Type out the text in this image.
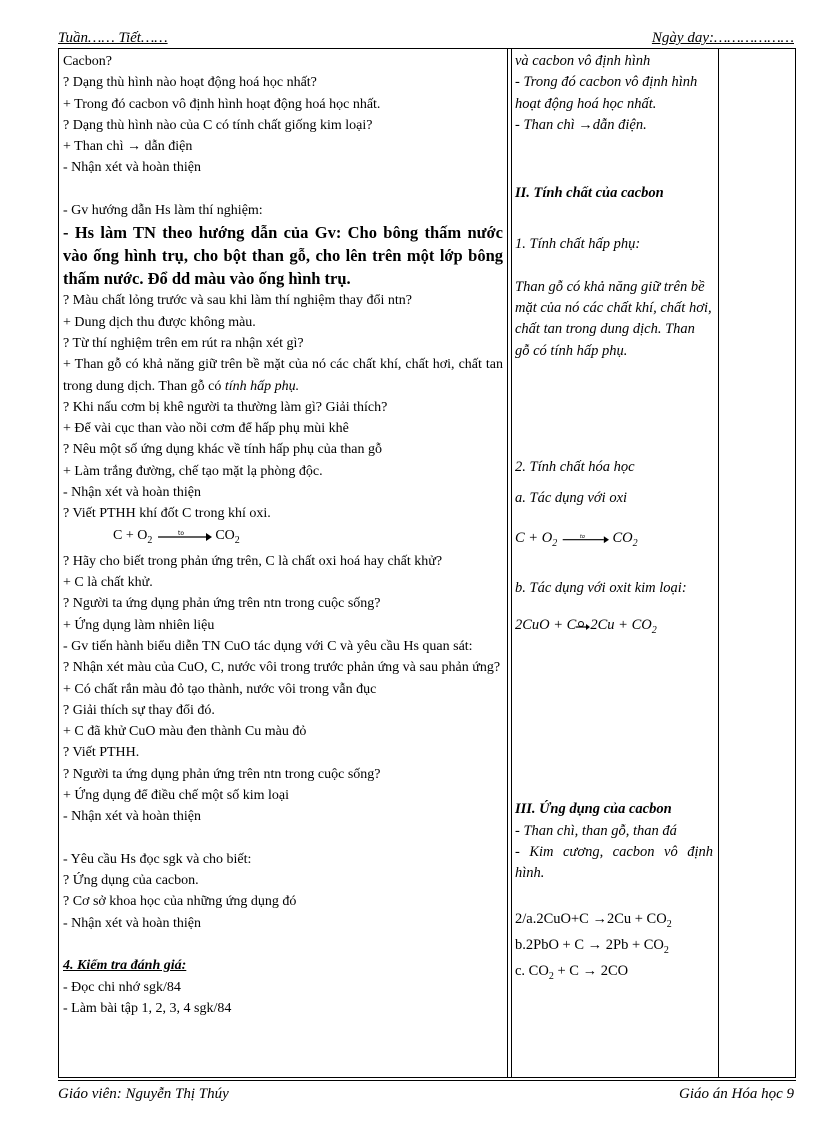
Tuần…… Tiết……	Ngày day:………………
Cacbon?
? Dạng thù hình nào hoạt động hoá học nhất?
+ Trong đó cacbon vô định hình hoạt động hoá học nhất.
? Dạng thù hình nào của C có tính chất giống kim loại?
+ Than chì → dẫn điện
- Nhận xét và hoàn thiện
- Gv hướng dẫn Hs làm thí nghiệm:
- Hs làm TN theo hướng dẫn của Gv: Cho bông thấm nước vào ống hình trụ, cho bột than gỗ, cho lên trên một lớp bông thấm nước. Đổ dd màu vào ống hình trụ.
? Màu chất lỏng trước và sau khi làm thí nghiệm thay đổi ntn?
+ Dung dịch thu được không màu.
? Từ thí nghiệm trên em rút ra nhận xét gì?
+ Than gỗ có khả năng giữ trên bề mặt của nó các chất khí, chất hơi, chất tan trong dung dịch. Than gỗ có tính hấp phụ.
? Khi nấu cơm bị khê người ta thường làm gì? Giải thích?
+ Để vài cục than vào nồi cơm để hấp phụ mùi khê
? Nêu một số ứng dụng khác về tính hấp phụ của than gỗ
+ Làm trắng đường, chế tạo mặt lạ phòng độc.
- Nhận xét và hoàn thiện
? Viết PTHH khí đốt C trong khí oxi.
$C + O_2$
to $CO_2$
? Hãy cho biết trong phản ứng trên, C là chất oxi hoá hay chất khử?
+ C là chất khử.
? Người ta ứng dụng phản ứng trên ntn trong cuộc sống?
+ Ứng dụng làm nhiên liệu
- Gv tiến hành biểu diễn TN CuO tác dụng với C và yêu cầu Hs quan sát:
? Nhận xét màu của CuO, C, nước vôi trong trước phản ứng và sau phản ứng?
+ Có chất rắn màu đỏ tạo thành, nước vôi trong vẫn đục
? Giải thích sự thay đổi đó.
+ C đã khử CuO màu đen thành Cu màu đỏ
? Viết PTHH.
? Người ta ứng dụng phản ứng trên ntn trong cuộc sống?
+ Ứng dụng để điều chế một số kim loại
- Nhận xét và hoàn thiện
- Yêu cầu Hs đọc sgk và cho biết:
? Ứng dụng của cacbon.
? Cơ sở khoa học của những ứng dụng đó
- Nhận xét và hoàn thiện
4. Kiểm tra đánh giá:
- Đọc chi nhớ sgk/84
- Làm bài tập 1, 2, 3, 4 sgk/84
và cacbon vô định hình
- Trong đó cacbon vô định hình hoạt động hoá học nhất.
- Than chì →dẫn điện.
II. Tính chất của cacbon
1. Tính chất hấp phụ:
Than gỗ có khả năng giữ trên bề mặt của nó các chất khí, chất hơi, chất tan trong dung dịch. Than gỗ có tính hấp phụ.
2. Tính chất hóa học
a. Tác dụng với oxi
$C + O_2$
to $CO_2$
b. Tác dụng với oxit kim loại:
2CuO + C $2Cu + CO_2$
III. Ứng dụng của cacbon
- Than chì, than gỗ, than đá
- Kim cương, cacbon vô định hình.
$2/a.2CuO+C \to 2Cu + CO_2$
$b.2PbO + C \to 2Pb + CO_2$
c. $CO_2 + C \to 2CO$
Giáo viên: Nguyễn Thị Thúy	Giáo án Hóa học 9
